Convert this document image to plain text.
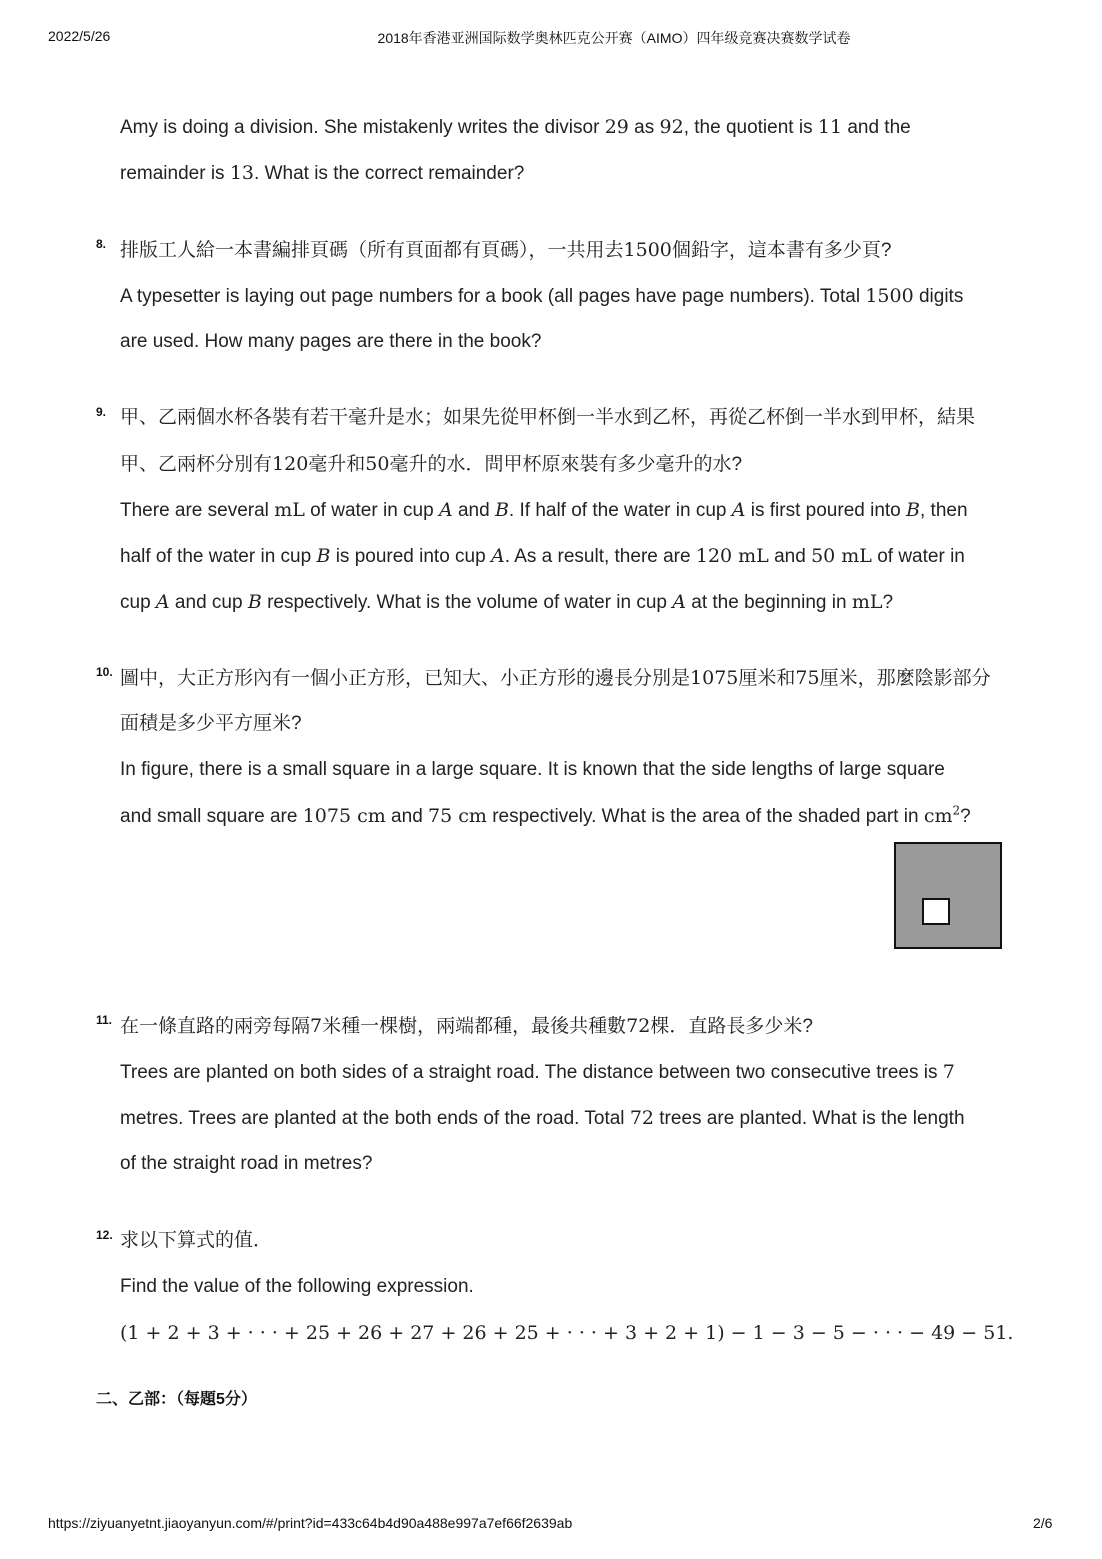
2022/5/26	2018年香港亚洲国际数学奥林匹克公开赛（AIMO）四年级竞赛决赛数学试卷
Amy is doing a division. She mistakenly writes the divisor 29 as 92, the quotient is 11 and the
remainder is 13. What is the correct remainder?
8. 排版工人給一本書編排頁碼（所有頁面都有頁碼），一共用去1500個鉛字，這本書有多少頁?
A typesetter is laying out page numbers for a book (all pages have page numbers). Total 1500 digits
are used. How many pages are there in the book?
9. 甲、乙兩個水杯各裝有若干毫升是水；如果先從甲杯倒一半水到乙杯，再從乙杯倒一半水到甲杯，結果
甲、乙兩杯分別有120毫升和50毫升的水．問甲杯原來裝有多少毫升的水?
There are several mL of water in cup A and B. If half of the water in cup A is first poured into B, then
half of the water in cup B is poured into cup A. As a result, there are 120 mL and 50 mL of water in
cup A and cup B respectively. What is the volume of water in cup A at the beginning in mL?
10. 圖中，大正方形內有一個小正方形，已知大、小正方形的邊長分別是1075厘米和75厘米，那麼陰影部分
面積是多少平方厘米?
In figure, there is a small square in a large square. It is known that the side lengths of large square
and small square are 1075 cm and 75 cm respectively. What is the area of the shaded part in $cm^2$?
11. 在一條直路的兩旁每隔7米種一棵樹，兩端都種，最後共種數72棵．直路長多少米?
Trees are planted on both sides of a straight road. The distance between two consecutive trees is 7
metres. Trees are planted at the both ends of the road. Total 72 trees are planted. What is the length
of the straight road in metres?
12. 求以下算式的值．
Find the value of the following expression.
(1 + 2 + 3 + · · · + 25 + 26 + 27 + 26 + 25 + · · · + 3 + 2 + 1) − 1 − 3 − 5 − · · · − 49 − 51.
二、乙部：（每題5分）
https://ziyuanyetnt.jiaoyanyun.com/#/print?id=433c64b4d90a488e997a7ef66f2639ab	2/6
